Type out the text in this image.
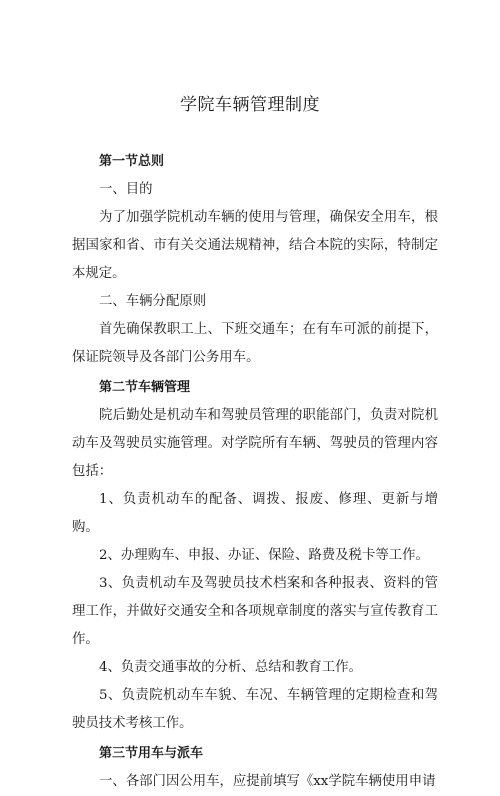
学院车辆管理制度

第一节总则

一、目的

为了加强学院机动车辆的使用与管理，确保安全用车，根据国家和省、市有关交通法规精神，结合本院的实际，特制定本规定。

二、车辆分配原则

首先确保教职工上、下班交通车；在有车可派的前提下，保证院领导及各部门公务用车。

第二节车辆管理

院后勤处是机动车和驾驶员管理的职能部门，负责对院机动车及驾驶员实施管理。对学院所有车辆、驾驶员的管理内容包括：

1、负责机动车的配备、调拨、报废、修理、更新与增购。

2、办理购车、申报、办证、保险、路费及税卡等工作。

3、负责机动车及驾驶员技术档案和各种报表、资料的管理工作，并做好交通安全和各项规章制度的落实与宣传教育工作。

4、负责交通事故的分析、总结和教育工作。

5、负责院机动车车貌、车况、车辆管理的定期检查和驾驶员技术考核工作。

第三节用车与派车

一、各部门因公用车，应提前填写《xx学院车辆使用申请
